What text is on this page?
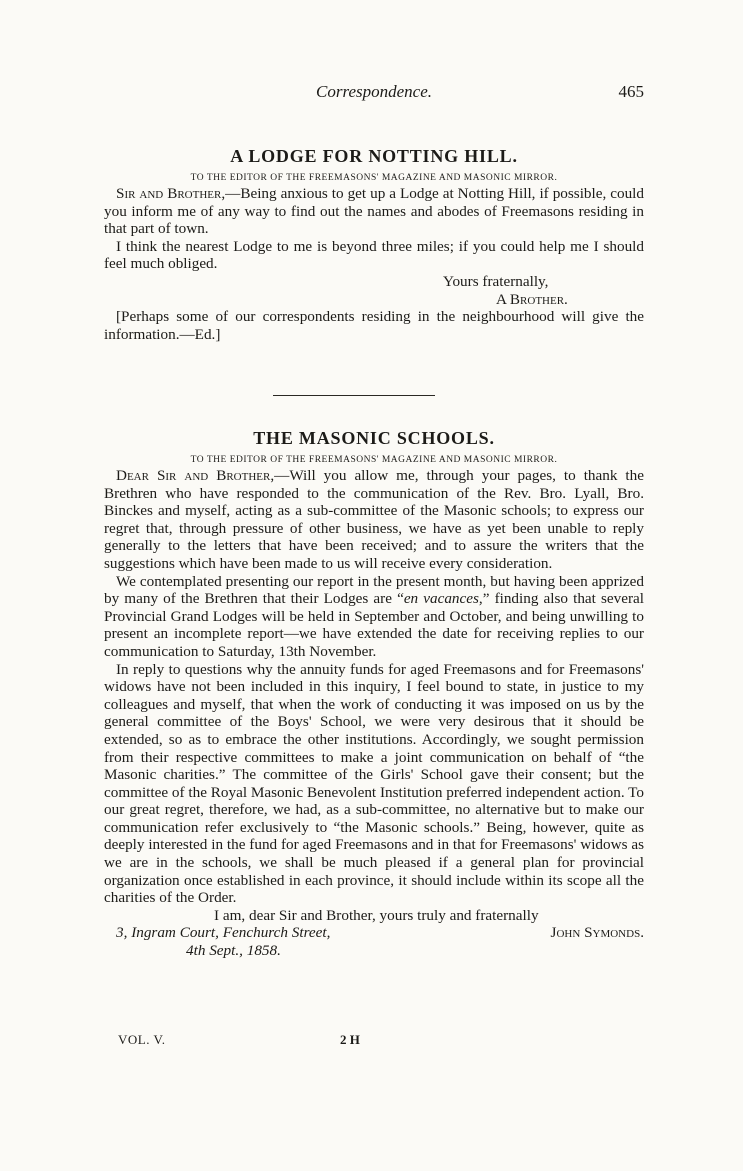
Correspondence.	465
A LODGE FOR NOTTING HILL.
TO THE EDITOR OF THE FREEMASONS' MAGAZINE AND MASONIC MIRROR.

Sir and Brother,—Being anxious to get up a Lodge at Notting Hill, if possible, could you inform me of any way to find out the names and abodes of Freemasons residing in that part of town.

I think the nearest Lodge to me is beyond three miles; if you could help me I should feel much obliged.

Yours fraternally,
A Brother.

[Perhaps some of our correspondents residing in the neighbourhood will give the information.—Ed.]

THE MASONIC SCHOOLS.
TO THE EDITOR OF THE FREEMASONS' MAGAZINE AND MASONIC MIRROR.

Dear Sir and Brother,—Will you allow me, through your pages, to thank the Brethren who have responded to the communication of the Rev. Bro. Lyall, Bro. Binckes and myself, acting as a sub-committee of the Masonic schools; to express our regret that, through pressure of other business, we have as yet been unable to reply generally to the letters that have been received; and to assure the writers that the suggestions which have been made to us will receive every consideration.

We contemplated presenting our report in the present month, but having been apprized by many of the Brethren that their Lodges are “en vacances,” finding also that several Provincial Grand Lodges will be held in September and October, and being unwilling to present an incomplete report—we have extended the date for receiving replies to our communication to Saturday, 13th November.

In reply to questions why the annuity funds for aged Freemasons and for Freemasons' widows have not been included in this inquiry, I feel bound to state, in justice to my colleagues and myself, that when the work of conducting it was imposed on us by the general committee of the Boys' School, we were very desirous that it should be extended, so as to embrace the other institutions. Accordingly, we sought permission from their respective committees to make a joint communication on behalf of “the Masonic charities.” The committee of the Girls' School gave their consent; but the committee of the Royal Masonic Benevolent Institution preferred independent action. To our great regret, therefore, we had, as a sub-committee, no alternative but to make our communication refer exclusively to “the Masonic schools.” Being, however, quite as deeply interested in the fund for aged Freemasons and in that for Freemasons' widows as we are in the schools, we shall be much pleased if a general plan for provincial organization once established in each province, it should include within its scope all the charities of the Order.

I am, dear Sir and Brother, yours truly and fraternally
3, Ingram Court, Fenchurch Street,	John Symonds.
4th Sept., 1858.
VOL. V.	2 H
